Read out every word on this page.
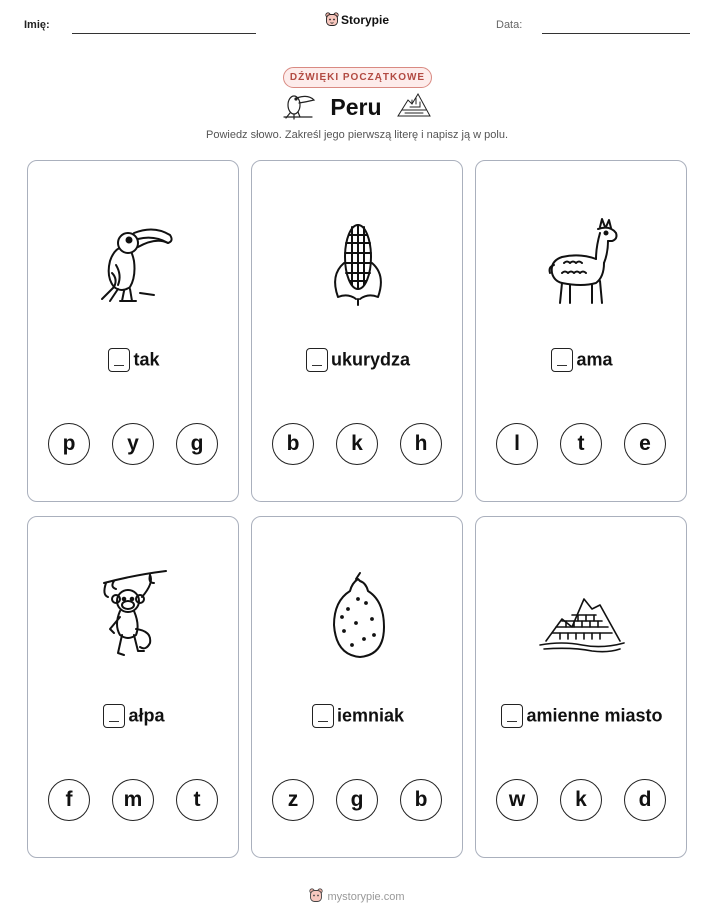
Imię:	Storypie	Data:
DŹWIĘKI POCZĄTKOWE
Peru
Powiedz słowo. Zakreśl jego pierwszą literę i napisz ją w polu.
tak
p	y	g
ukurydza
b	k	h
ama
l	t	e
ałpa
f	m	t
iemniak
z	g	b
amienne miasto
w	k	d
mystorypie.com
